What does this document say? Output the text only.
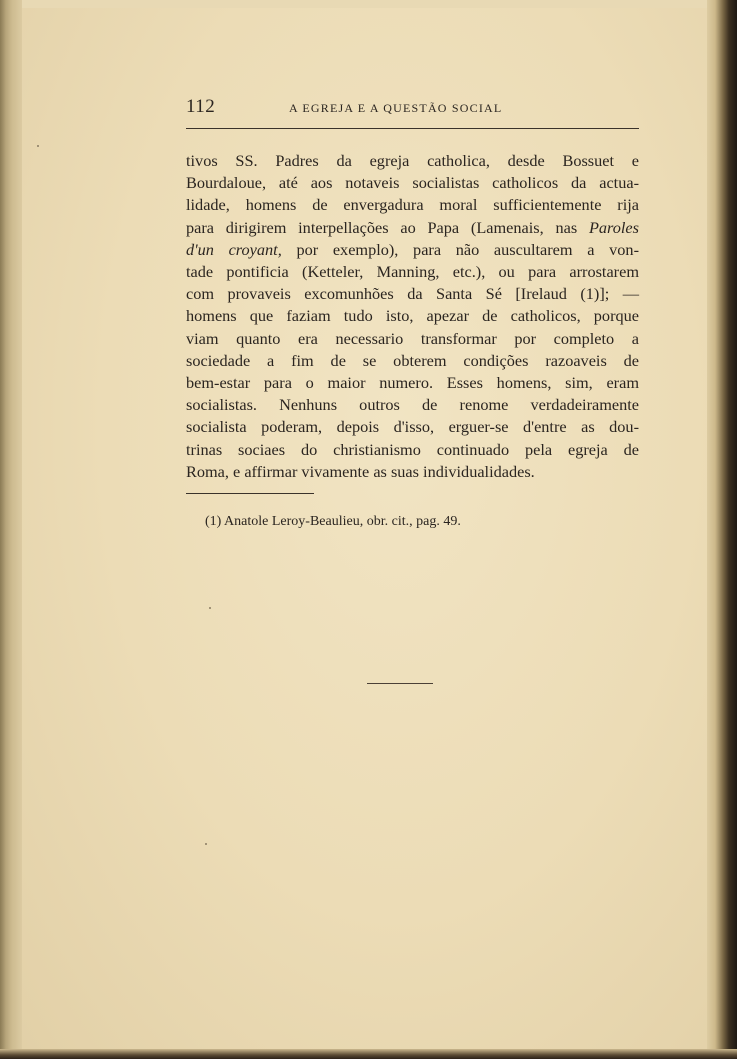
112	A EGREJA E A QUESTÃO SOCIAL
tivos SS. Padres da egreja catholica, desde Bossuet e
Bourdaloue, até aos notaveis socialistas catholicos da actua-
lidade, homens de envergadura moral sufficientemente rija
para dirigirem interpellações ao Papa (Lamenais, nas Paroles
d'un croyant, por exemplo), para não auscultarem a von-
tade pontificia (Ketteler, Manning, etc.), ou para arrostarem
com provaveis excomunhões da Santa Sé [Irelaud (1)]; —
homens que faziam tudo isto, apezar de catholicos, porque
viam quanto era necessario transformar por completo a
sociedade a fim de se obterem condições razoaveis de
bem-estar para o maior numero. Esses homens, sim, eram
socialistas. Nenhuns outros de renome verdadeiramente
socialista poderam, depois d'isso, erguer-se d'entre as dou-
trinas sociaes do christianismo continuado pela egreja de
Roma, e affirmar vivamente as suas individualidades.
(1) Anatole Leroy-Beaulieu, obr. cit., pag. 49.
